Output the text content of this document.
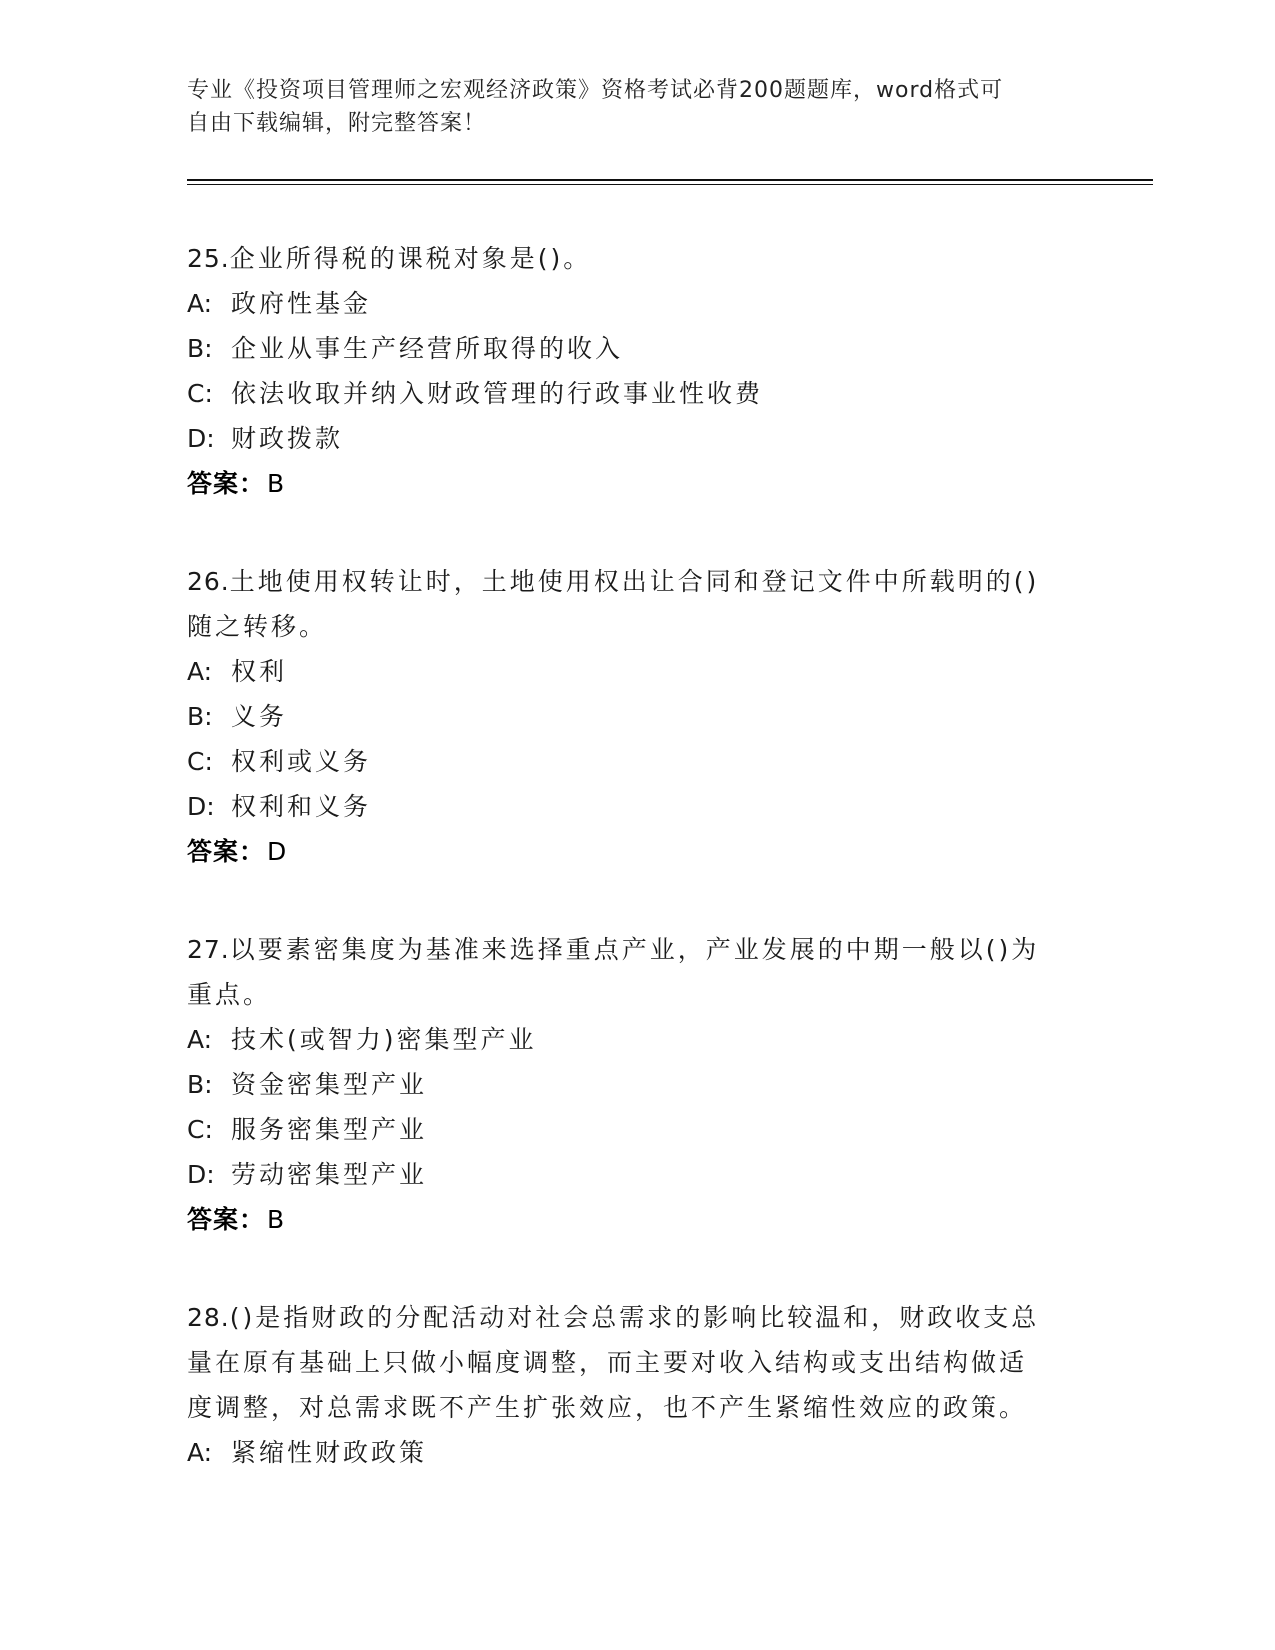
专业《投资项目管理师之宏观经济政策》资格考试必背200题题库，word格式可
自由下载编辑，附完整答案！
25.企业所得税的课税对象是()。
A: 政府性基金
B: 企业从事生产经营所取得的收入
C: 依法收取并纳入财政管理的行政事业性收费
D: 财政拨款
答案：B
26.土地使用权转让时，土地使用权出让合同和登记文件中所载明的()
随之转移。
A: 权利
B: 义务
C: 权利或义务
D: 权利和义务
答案：D
27.以要素密集度为基准来选择重点产业，产业发展的中期一般以()为
重点。
A: 技术(或智力)密集型产业
B: 资金密集型产业
C: 服务密集型产业
D: 劳动密集型产业
答案：B
28.()是指财政的分配活动对社会总需求的影响比较温和，财政收支总
量在原有基础上只做小幅度调整，而主要对收入结构或支出结构做适
度调整，对总需求既不产生扩张效应，也不产生紧缩性效应的政策。
A: 紧缩性财政政策
